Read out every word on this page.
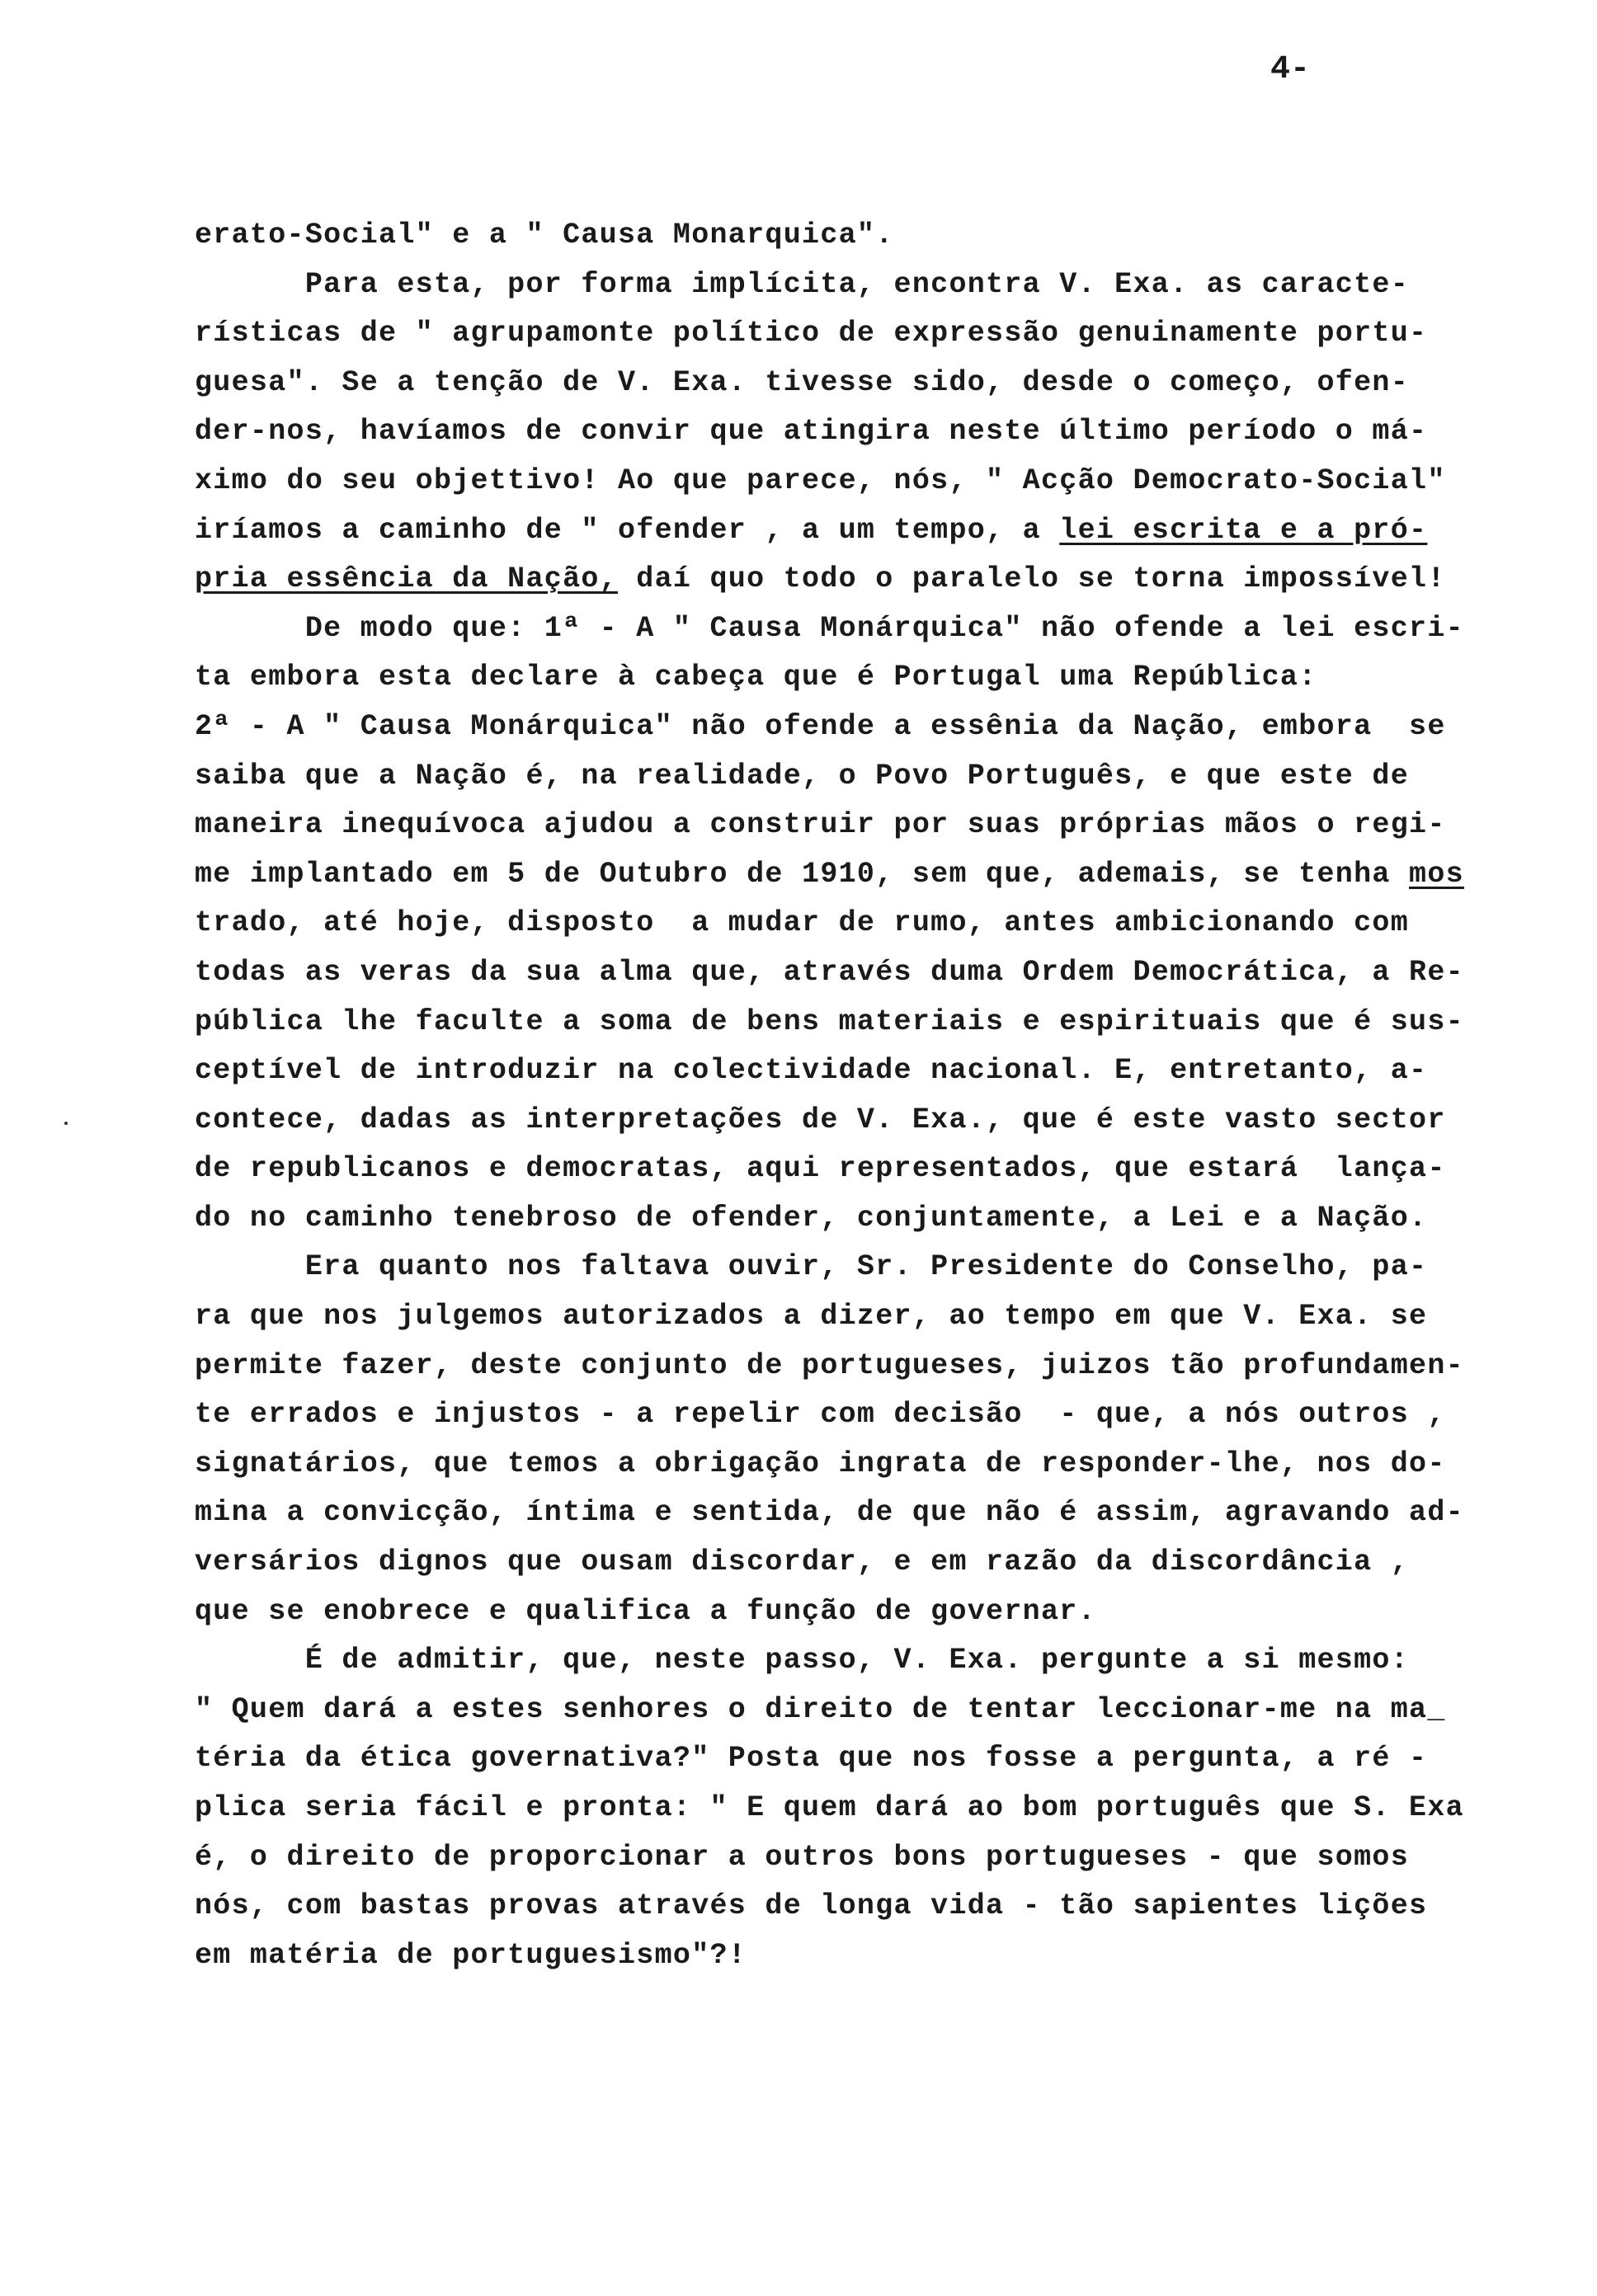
4-
erato-Social" e a " Causa Monarquica".
Para esta, por forma implícita, encontra V. Exa. as caracte-
rísticas de " agrupamonte político de expressão genuinamente portu-
guesa". Se a tenção de V. Exa. tivesse sido, desde o começo, ofen-
der-nos, havíamos de convir que atingira neste último período o má-
ximo do seu objettivo! Ao que parece, nós, " Acção Democrato-Social"
iríamos a caminho de " ofender , a um tempo, a lei escrita e a pró-
pria essência da Nação, daí quo todo o paralelo se torna impossível!
De modo que: 1ª - A " Causa Monárquica" não ofende a lei escri-
ta embora esta declare à cabeça que é Portugal uma República:
2ª - A " Causa Monárquica" não ofende a essênia da Nação, embora  se
saiba que a Nação é, na realidade, o Povo Português, e que este de
maneira inequívoca ajudou a construir por suas próprias mãos o regi-
me implantado em 5 de Outubro de 1910, sem que, ademais, se tenha mos
trado, até hoje, disposto  a mudar de rumo, antes ambicionando com
todas as veras da sua alma que, através duma Ordem Democrática, a Re-
pública lhe faculte a soma de bens materiais e espirituais que é sus-
ceptível de introduzir na colectividade nacional. E, entretanto, a-
contece, dadas as interpretações de V. Exa., que é este vasto sector
de republicanos e democratas, aqui representados, que estará  lança-
do no caminho tenebroso de ofender, conjuntamente, a Lei e a Nação.
Era quanto nos faltava ouvir, Sr. Presidente do Conselho, pa-
ra que nos julgemos autorizados a dizer, ao tempo em que V. Exa. se
permite fazer, deste conjunto de portugueses, juizos tão profundamen-
te errados e injustos - a repelir com decisão  - que, a nós outros ,
signatários, que temos a obrigação ingrata de responder-lhe, nos do-
mina a convicção, íntima e sentida, de que não é assim, agravando ad-
versários dignos que ousam discordar, e em razão da discordância ,
que se enobrece e qualifica a função de governar.
É de admitir, que, neste passo, V. Exa. pergunte a si mesmo:
" Quem dará a estes senhores o direito de tentar leccionar-me na ma_
téria da ética governativa?" Posta que nos fosse a pergunta, a ré -
plica seria fácil e pronta: " E quem dará ao bom português que S. Exa
é, o direito de proporcionar a outros bons portugueses - que somos
nós, com bastas provas através de longa vida - tão sapientes lições
em matéria de portuguesismo"?!
